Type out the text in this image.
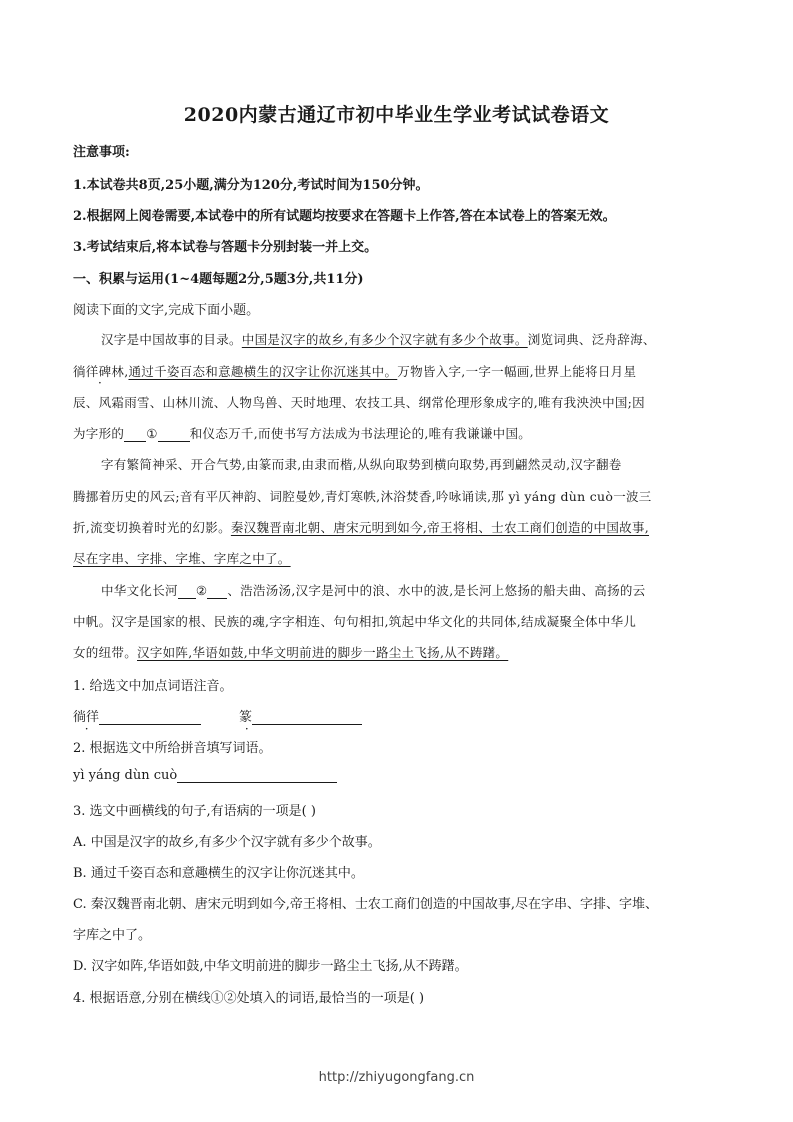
2020内蒙古通辽市初中毕业生学业考试试卷语文
注意事项:
1.本试卷共8页,25小题,满分为120分,考试时间为150分钟。
2.根据网上阅卷需要,本试卷中的所有试题均按要求在答题卡上作答,答在本试卷上的答案无效。
3.考试结束后,将本试卷与答题卡分别封装一并上交。
一、积累与运用(1~4题每题2分,5题3分,共11分)
阅读下面的文字,完成下面小题。
汉字是中国故事的目录。中国是汉字的故乡,有多少个汉字就有多少个故事。浏览词典、泛舟辞海、
徜徉碑林, ·通过千姿百态和意趣横生的汉字让你沉迷其中。万物皆入字,一字一幅画,世界上能将日月星
辰、风霜雨雪、山林川流、人物鸟兽、天时地理、农技工具、纲常伦理形象成字的,唯有我泱泱中国;因
为字形的 ①	和仪态万千,而使书写方法成为书法理论的,唯有我谦谦中国。
字有繁简神采、开合气势,由篆而隶,由隶而楷,从纵向取势到横向取势,再到翩然灵动,汉字翻卷
腾挪着历史的风云;音有平仄神韵、词腔曼妙,青灯寒帙,沐浴焚香,吟咏诵读,那 yì yáng dùn cuò一波三
折,流变切换着时光的幻影。秦汉魏晋南北朝、唐宋元明到如今,帝王将相、士农工商们创造的中国故事,
尽在字串、字排、字堆、字库之中了。
中华文化长河 ② 、浩浩汤汤,汉字是河中的浪、水中的波,是长河上悠扬的船夫曲、高扬的云
中帆。汉字是国家的根、民族的魂,字字相连、句句相扣,筑起中华文化的共同体,结成凝聚全体中华儿
女的纽带。汉字如阵,华语如鼓,中华文明前进的脚步一路尘土飞扬,从不踌躇。
1. 给选文中加点词语注音。
徜徉	篆
2. 根据选文中所给拼音填写词语。
yì yáng dùn cuò
3. 选文中画横线的句子,有语病的一项是( )
A. 中国是汉字的故乡,有多少个汉字就有多少个故事。
B. 通过千姿百态和意趣横生的汉字让你沉迷其中。
C. 秦汉魏晋南北朝、唐宋元明到如今,帝王将相、士农工商们创造的中国故事,尽在字串、字排、字堆、
字库之中了。
D. 汉字如阵,华语如鼓,中华文明前进的脚步一路尘土飞扬,从不踌躇。
4. 根据语意,分别在横线①②处填入的词语,最恰当的一项是( )
http://zhiyugongfang.cn
